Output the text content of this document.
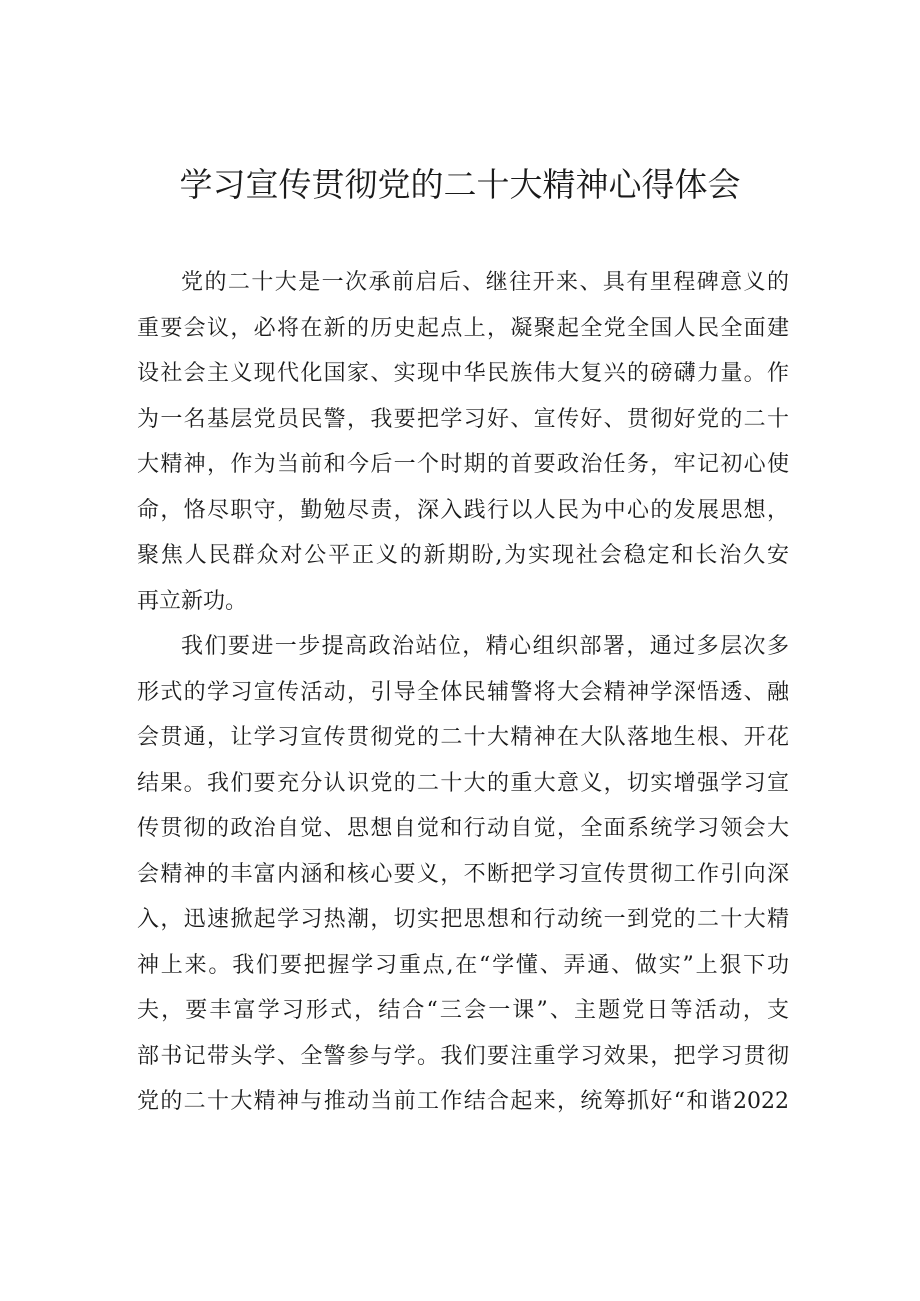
学习宣传贯彻党的二十大精神心得体会
党的二十大是一次承前启后、继往开来、具有里程碑意义的
重要会议，必将在新的历史起点上，凝聚起全党全国人民全面建
设社会主义现代化国家、实现中华民族伟大复兴的磅礴力量。作
为一名基层党员民警，我要把学习好、宣传好、贯彻好党的二十
大精神，作为当前和今后一个时期的首要政治任务，牢记初心使
命，恪尽职守，勤勉尽责，深入践行以人民为中心的发展思想，
聚焦人民群众对公平正义的新期盼,为实现社会稳定和长治久安
再立新功。
我们要进一步提高政治站位，精心组织部署，通过多层次多
形式的学习宣传活动，引导全体民辅警将大会精神学深悟透、融
会贯通，让学习宣传贯彻党的二十大精神在大队落地生根、开花
结果。我们要充分认识党的二十大的重大意义，切实增强学习宣
传贯彻的政治自觉、思想自觉和行动自觉，全面系统学习领会大
会精神的丰富内涵和核心要义，不断把学习宣传贯彻工作引向深
入，迅速掀起学习热潮，切实把思想和行动统一到党的二十大精
神上来。我们要把握学习重点,在“学懂、弄通、做实”上狠下功
夫，要丰富学习形式，结合“三会一课”、主题党日等活动，支
部书记带头学、全警参与学。我们要注重学习效果，把学习贯彻
党的二十大精神与推动当前工作结合起来，统筹抓好“和谐2022
